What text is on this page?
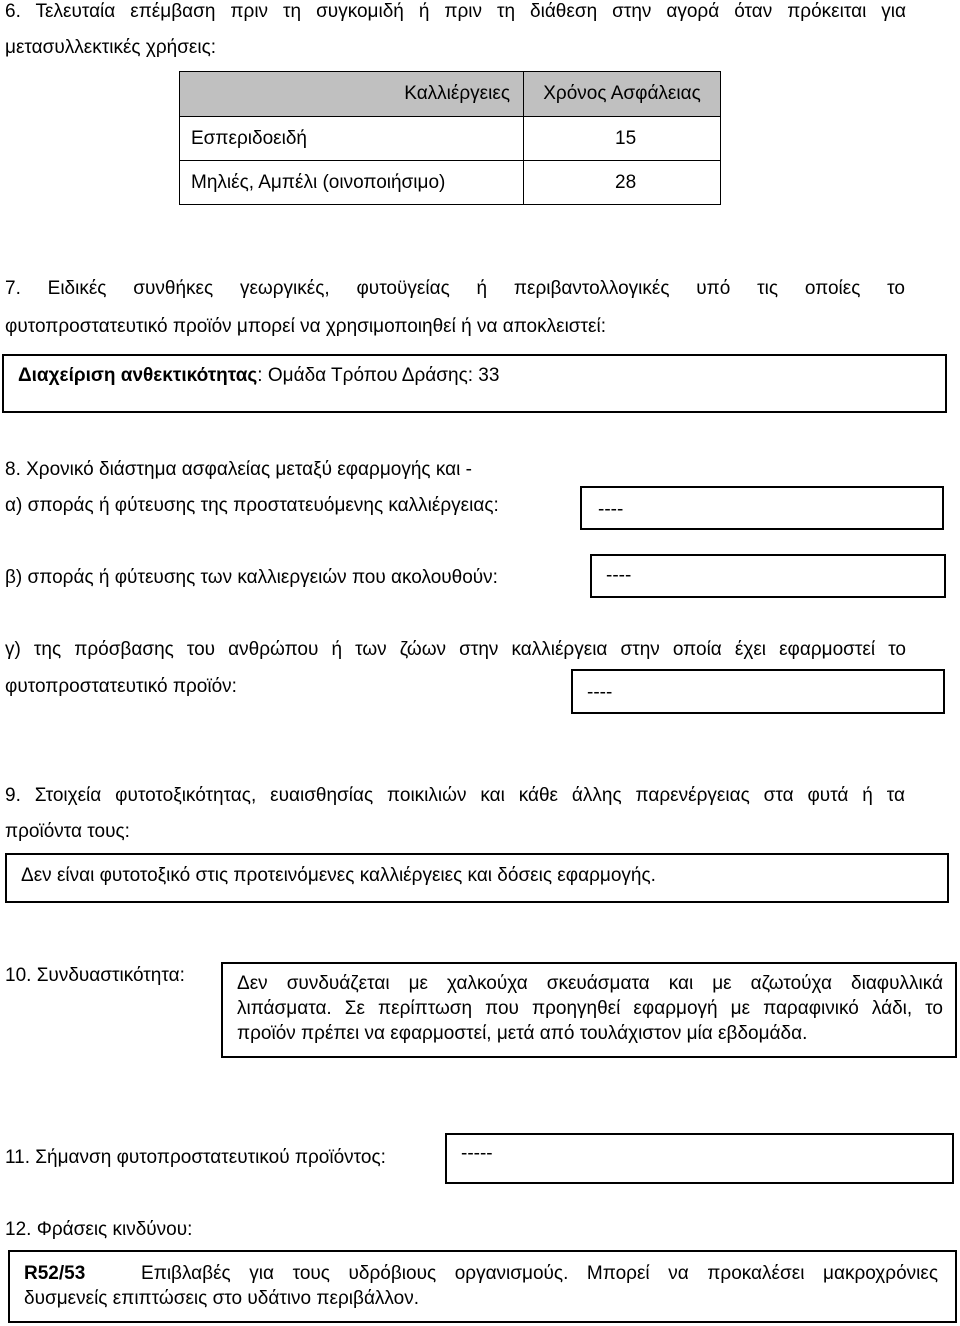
6. Τελευταία επέμβαση πριν τη συγκομιδή ή πριν τη διάθεση στην αγορά όταν πρόκειται για
μετασυλλεκτικές χρήσεις:
Καλλιέργειες	Χρόνος Ασφάλειας
Εσπεριδοειδή	15
Μηλιές, Αμπέλι (οινοποιήσιμο)	28
7. Ειδικές συνθήκες γεωργικές, φυτοϋγείας ή περιβαντολλογικές υπό τις οποίες το
φυτοπροστατευτικό προϊόν μπορεί να χρησιμοποιηθεί ή να αποκλειστεί:
Διαχείριση ανθεκτικότητας: Ομάδα Τρόπου Δράσης: 33
8. Χρονικό διάστημα ασφαλείας μεταξύ εφαρμογής και -
α) σποράς ή φύτευσης της προστατευόμενης καλλιέργειας:	----
β) σποράς ή φύτευσης των καλλιεργειών που ακολουθούν:	----
γ) της πρόσβασης του ανθρώπου ή των ζώων στην καλλιέργεια στην οποία έχει εφαρμοστεί το
φυτοπροστατευτικό προϊόν:	----
9. Στοιχεία φυτοτοξικότητας, ευαισθησίας ποικιλιών και κάθε άλλης παρενέργειας στα φυτά ή τα
προϊόντα τους:
Δεν είναι φυτοτοξικό στις προτεινόμενες καλλιέργειες και δόσεις εφαρμογής.
10. Συνδυαστικότητα:	Δεν συνδυάζεται με χαλκούχα σκευάσματα και με αζωτούχα διαφυλλικά
λιπάσματα. Σε περίπτωση που προηγηθεί εφαρμογή με παραφινικό λάδι, το
προϊόν πρέπει να εφαρμοστεί, μετά από τουλάχιστον μία εβδομάδα.
11. Σήμανση φυτοπροστατευτικού προϊόντος:	-----
12. Φράσεις κινδύνου:
R52/53	Επιβλαβές για τους υδρόβιους οργανισμούς. Μπορεί να προκαλέσει μακροχρόνιες
δυσμενείς επιπτώσεις στο υδάτινο περιβάλλον.
